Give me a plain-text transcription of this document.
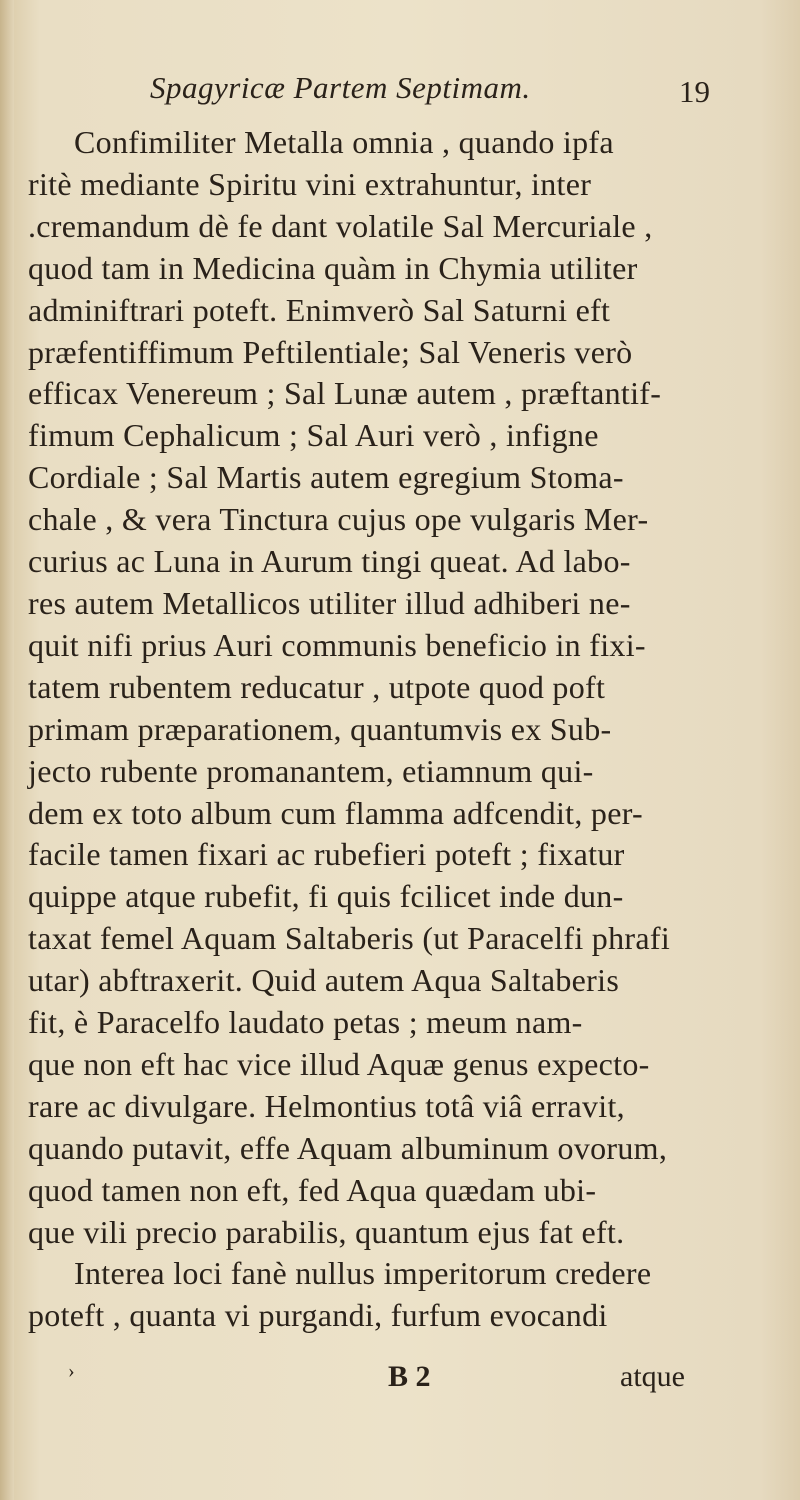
Spagyricæ Partem Septimam.	19
Confimiliter Metalla omnia , quando ipfa
ritè mediante Spiritu vini extrahuntur, inter
.cremandum dè fe dant volatile Sal Mercuriale ,
quod tam in Medicina quàm in Chymia utiliter
adminiftrari poteft. Enimverò Sal Saturni eft
præfentiffimum Peftilentiale; Sal Veneris verò
efficax Venereum ; Sal Lunæ autem , præftantif-
fimum Cephalicum ; Sal Auri verò , infigne
Cordiale ; Sal Martis autem egregium Stoma-
chale , & vera Tinctura cujus ope vulgaris Mer-
curius ac Luna in Aurum tingi queat. Ad labo-
res autem Metallicos utiliter illud adhiberi ne-
quit nifi prius Auri communis beneficio in fixi-
tatem rubentem reducatur , utpote quod poft
primam præparationem, quantumvis ex Sub-
jecto rubente promanantem, etiamnum qui-
dem ex toto album cum flamma adfcendit, per-
facile tamen fixari ac rubefieri poteft ; fixatur
quippe atque rubefit, fi quis fcilicet inde dun-
taxat femel Aquam Saltaberis (ut Paracelfi phrafi
utar) abftraxerit. Quid autem Aqua Saltaberis
fit, è Paracelfo laudato petas ; meum nam-
que non eft hac vice illud Aquæ genus expecto-
rare ac divulgare. Helmontius totâ viâ erravit,
quando putavit, effe Aquam albuminum ovorum,
quod tamen non eft, fed Aqua quædam ubi-
que vili precio parabilis, quantum ejus fat eft.
Interea loci fanè nullus imperitorum credere
poteft , quanta vi purgandi, furfum evocandi
›	B 2	atque
